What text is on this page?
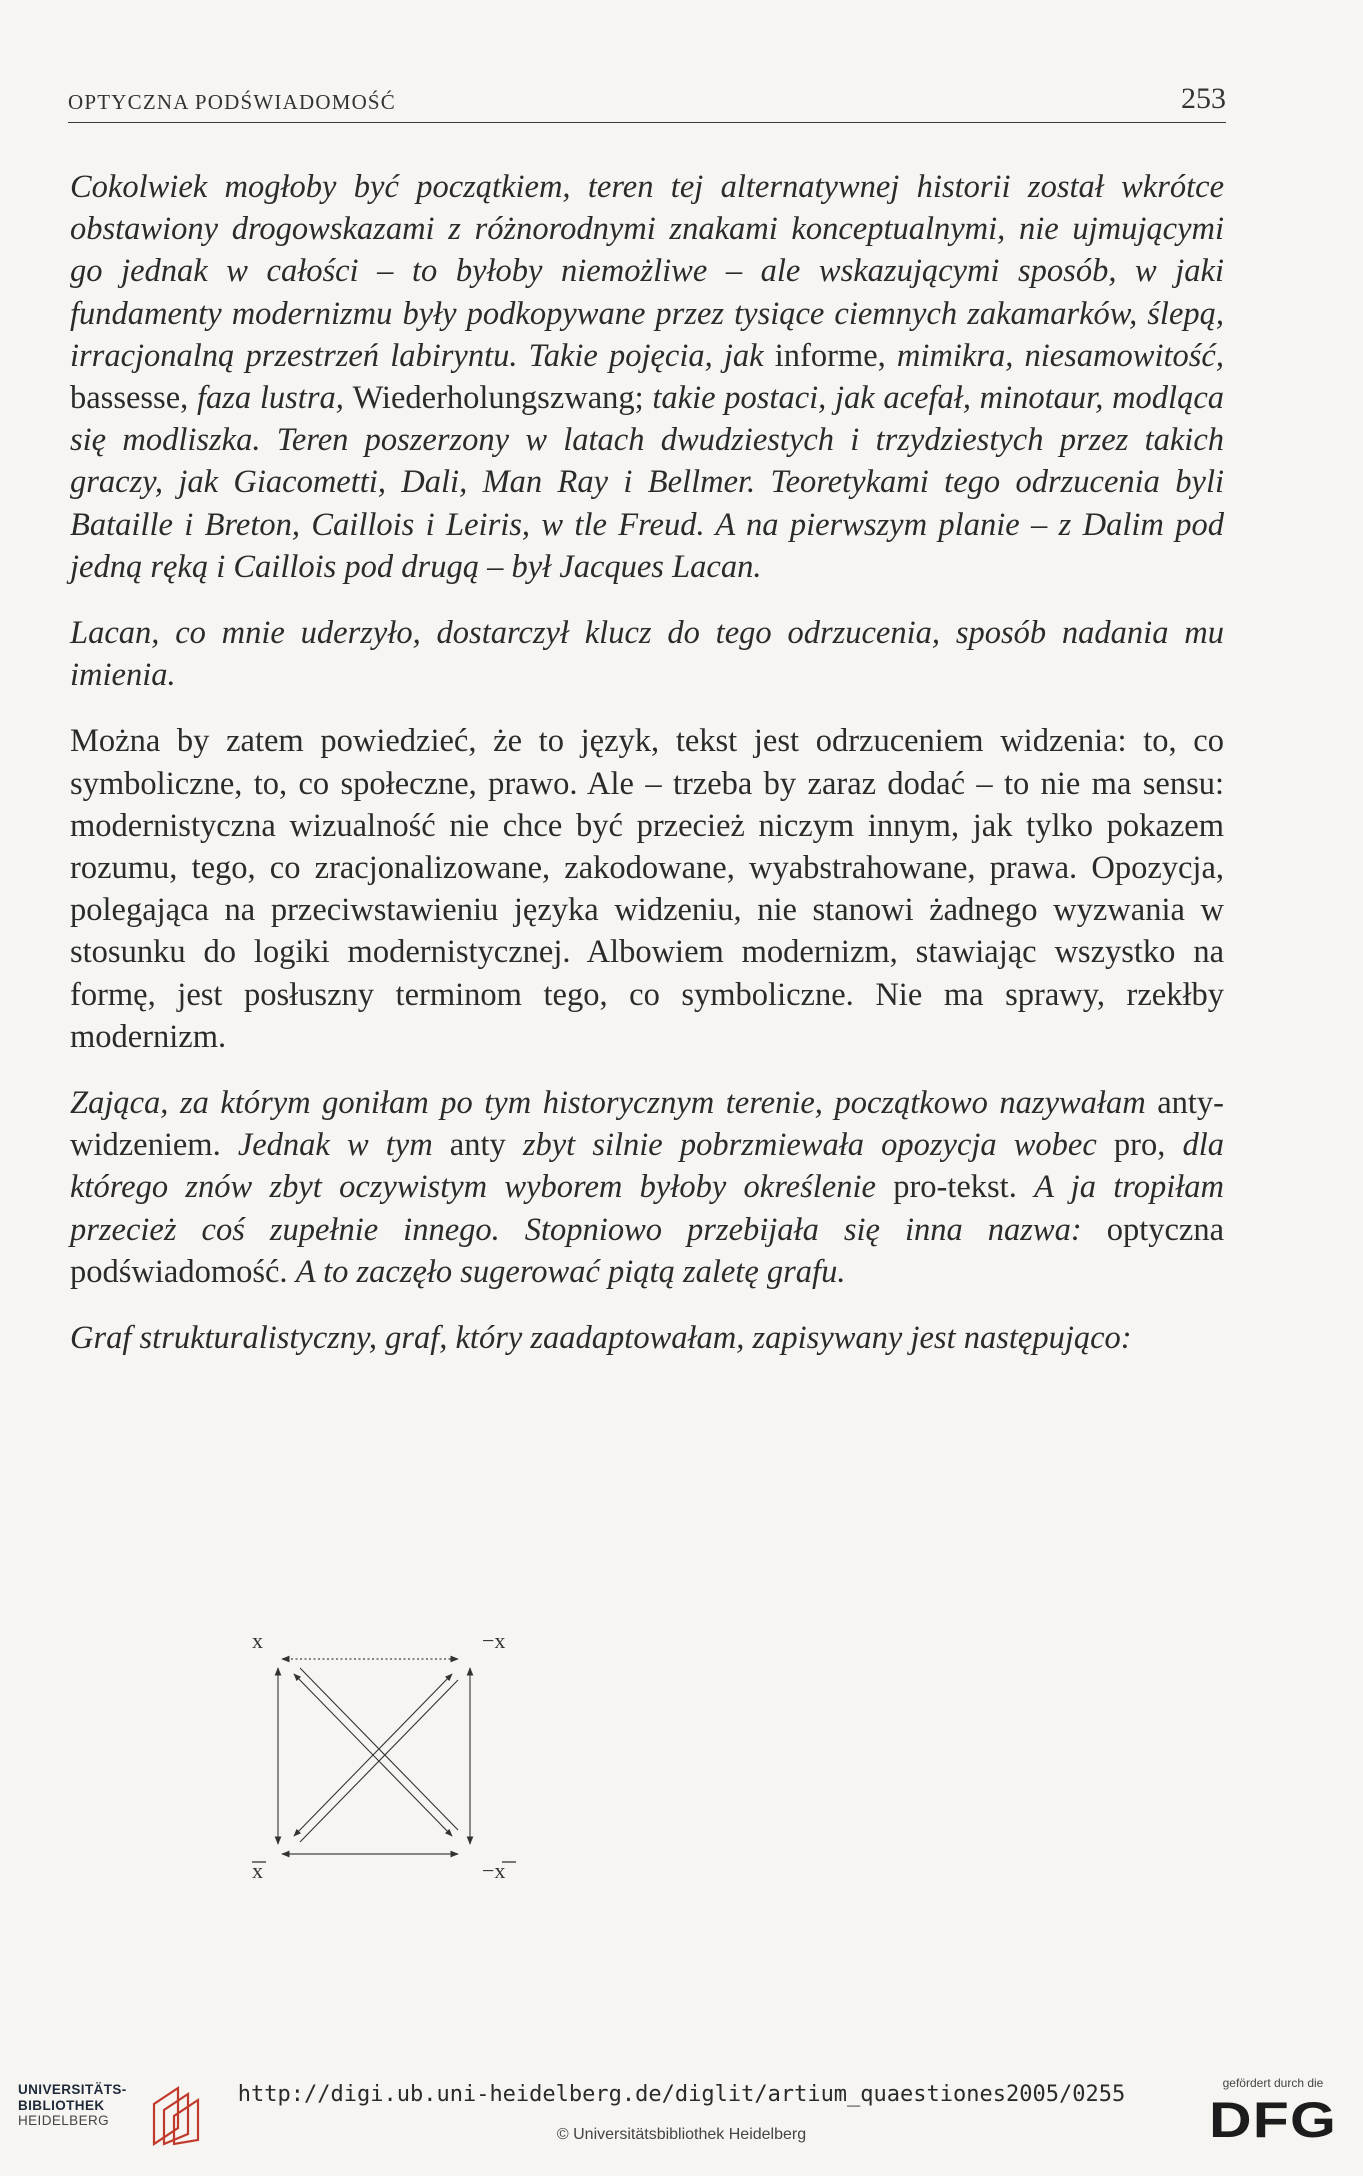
OPTYCZNA PODŚWIADOMOŚĆ	253

Cokolwiek mogłoby być początkiem, teren tej alternatywnej historii został wkrótce obstawiony drogowskazami z różnorodnymi znakami konceptualnymi, nie ujmującymi go jednak w całości – to byłoby niemożliwe – ale wskazującymi sposób, w jaki fundamenty modernizmu były podkopywane przez tysiące ciemnych zakamarków, ślepą, irracjonalną przestrzeń labiryntu. Takie pojęcia, jak informe, mimikra, niesamowitość, bassesse, faza lustra, Wiederholungszwang; takie postaci, jak acefał, minotaur, modląca się modliszka. Teren poszerzony w latach dwudziestych i trzydziestych przez takich graczy, jak Giacometti, Dali, Man Ray i Bellmer. Teoretykami tego odrzucenia byli Bataille i Breton, Caillois i Leiris, w tle Freud. A na pierwszym planie – z Dalim pod jedną ręką i Caillois pod drugą – był Jacques Lacan.

Lacan, co mnie uderzyło, dostarczył klucz do tego odrzucenia, sposób nadania mu imienia.

Można by zatem powiedzieć, że to język, tekst jest odrzuceniem widzenia: to, co symboliczne, to, co społeczne, prawo. Ale – trzeba by zaraz dodać – to nie ma sensu: modernistyczna wizualność nie chce być przecież niczym innym, jak tylko pokazem rozumu, tego, co zracjonalizowane, zakodowane, wyabstrahowane, prawa. Opozycja, polegająca na przeciwstawieniu języka widzeniu, nie stanowi żadnego wyzwania w stosunku do logiki modernistycznej. Albowiem modernizm, stawiając wszystko na formę, jest posłuszny terminom tego, co symboliczne. Nie ma sprawy, rzekłby modernizm.

Zająca, za którym goniłam po tym historycznym terenie, początkowo nazywałam anty-widzeniem. Jednak w tym anty zbyt silnie pobrzmiewała opozycja wobec pro, dla którego znów zbyt oczywistym wyborem byłoby określenie pro-tekst. A ja tropiłam przecież coś zupełnie innego. Stopniowo przebijała się inna nazwa: optyczna podświadomość. A to zaczęło sugerować piątą zaletę grafu.

Graf strukturalistyczny, graf, który zaadaptowałam, zapisywany jest następująco:

x	−x
x	−x
UNIVERSITÄTS-
BIBLIOTHEK
HEIDELBERG
http://digi.ub.uni-heidelberg.de/diglit/artium_quaestiones2005/0255
© Universitätsbibliothek Heidelberg
gefördert durch die
DFG
